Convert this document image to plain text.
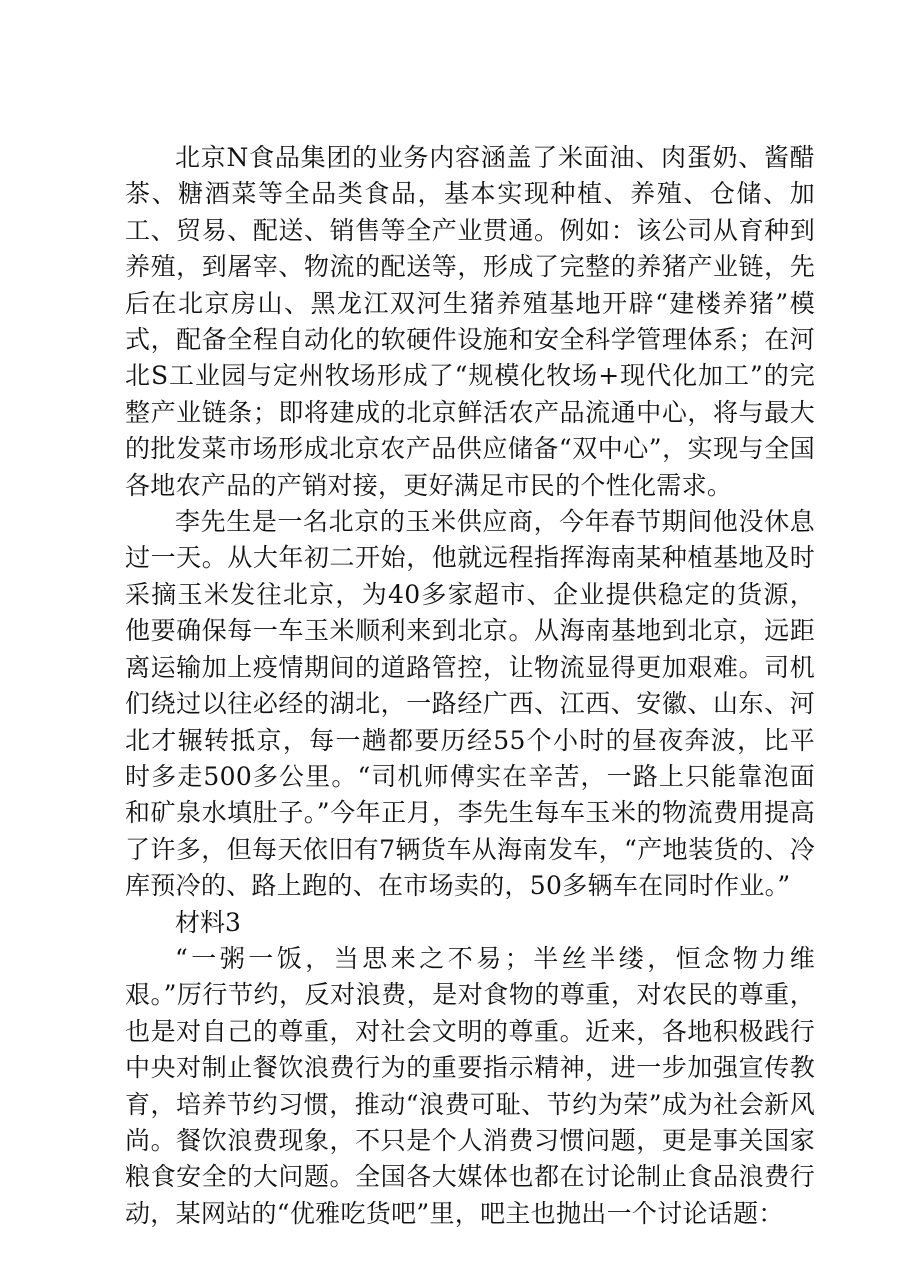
北京N食品集团的业务内容涵盖了米面油、肉蛋奶、酱醋茶、糖酒菜等全品类食品，基本实现种植、养殖、仓储、加工、贸易、配送、销售等全产业贯通。例如：该公司从育种到养殖，到屠宰、物流的配送等，形成了完整的养猪产业链，先后在北京房山、黑龙江双河生猪养殖基地开辟“建楼养猪”模式，配备全程自动化的软硬件设施和安全科学管理体系；在河北S工业园与定州牧场形成了“规模化牧场+现代化加工”的完整产业链条；即将建成的北京鲜活农产品流通中心，将与最大的批发菜市场形成北京农产品供应储备“双中心”，实现与全国各地农产品的产销对接，更好满足市民的个性化需求。

李先生是一名北京的玉米供应商，今年春节期间他没休息过一天。从大年初二开始，他就远程指挥海南某种植基地及时采摘玉米发往北京，为40多家超市、企业提供稳定的货源，他要确保每一车玉米顺利来到北京。从海南基地到北京，远距离运输加上疫情期间的道路管控，让物流显得更加艰难。司机们绕过以往必经的湖北，一路经广西、江西、安徽、山东、河北才辗转抵京，每一趟都要历经55个小时的昼夜奔波，比平时多走500多公里。“司机师傅实在辛苦，一路上只能靠泡面和矿泉水填肚子。”今年正月，李先生每车玉米的物流费用提高了许多，但每天依旧有7辆货车从海南发车，“产地装货的、冷库预冷的、路上跑的、在市场卖的，50多辆车在同时作业。”

材料3

“一粥一饭，当思来之不易；半丝半缕，恒念物力维艰。”厉行节约，反对浪费，是对食物的尊重，对农民的尊重，也是对自己的尊重，对社会文明的尊重。近来，各地积极践行中央对制止餐饮浪费行为的重要指示精神，进一步加强宣传教育，培养节约习惯，推动“浪费可耻、节约为荣”成为社会新风尚。餐饮浪费现象，不只是个人消费习惯问题，更是事关国家粮食安全的大问题。全国各大媒体也都在讨论制止食品浪费行动，某网站的“优雅吃货吧”里，吧主也抛出一个讨论话题：
